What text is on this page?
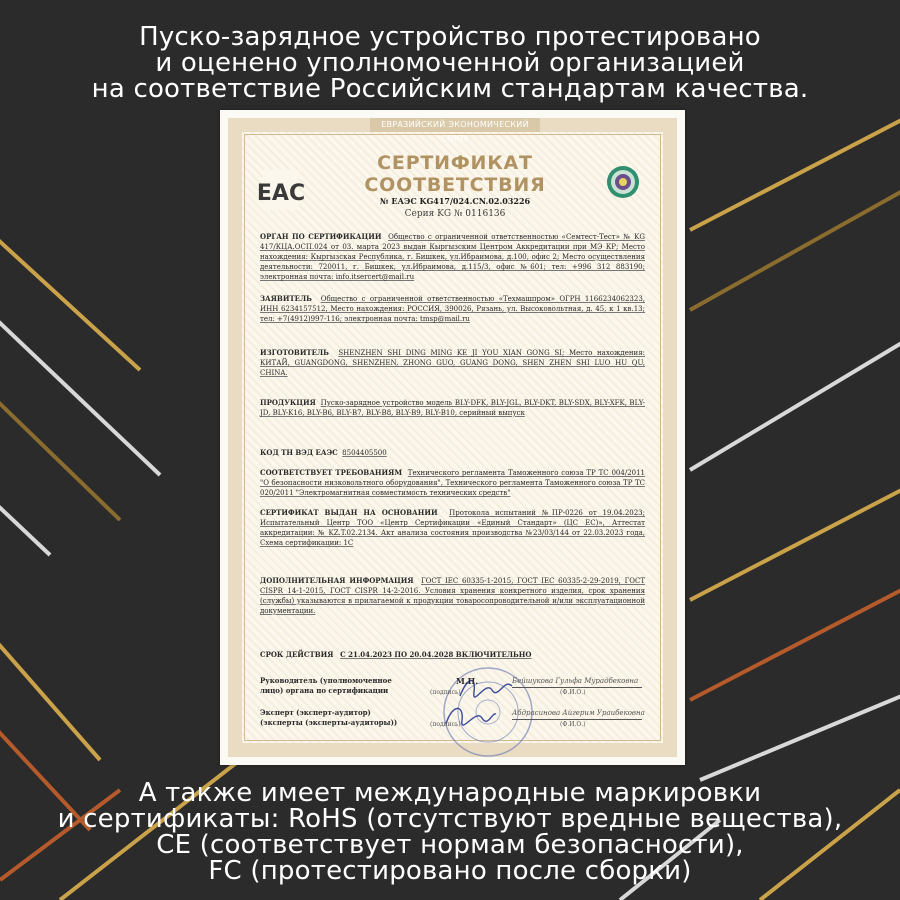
Пуско-зарядное устройство протестировано
и оценено уполномоченной организацией
на соответствие Российским стандартам качества.
ЕВРАЗИЙСКИЙ ЭКОНОМИЧЕСКИЙ СОЮЗ
ЕАС
СЕРТИФИКАТ СООТВЕТСТВИЯ
№ ЕАЭС KG417/024.CN.02.03226
Серия KG № 0116136
ОРГАН ПО СЕРТИФИКАЦИИ Общество с ограниченной ответственностью «Семтест-Тест» № KG 417/КЦА.ОСП.024 от 03. марта 2023 выдан Кыргызским Центром Аккредитации при МЭ КР; Место нахождения: Кыргызская Республика, г. Бишкек, ул.Ибраимова, д.100, офис 2; Место осуществления деятельности: 720011, г. Бишкек, ул.Ибраимова, д.115/3, офис №601; тел: +996 312 883190; электронная почта: info.itsercert@mail.ru
ЗАЯВИТЕЛЬ Общество с ограниченной ответственностью «Техмашпром» ОГРН 1166234062323, ИНН 6234157512, Место нахождения: РОССИЯ, 390026, Рязань, ул. Высоковольтная, д. 45, к 1 кв.13; тел: +7(4912)997-116; электронная почта: tmsp@mail.ru
ИЗГОТОВИТЕЛЬ SHENZHEN SHI DING MING KE JI YOU XIAN GONG SI; Место нахождения: КИТАЙ, GUANGDONG, SHENZHEN, ZHONG GUO, GUANG DONG, SHEN ZHEN SHI LUO HU QU, CHINA.
ПРОДУКЦИЯ Пуско-зарядное устройство модель BLY-DFK, BLY-JGL, BLY-DKT, BLY-SDX, BLY-XFK, BLY-JD, BLY-K16, BLY-B6, BLY-B7, BLY-B8, BLY-B9, BLY-B10, серийный выпуск
КОД ТН ВЭД ЕАЭС 8504405500
СООТВЕТСТВУЕТ ТРЕБОВАНИЯМ Технического регламента Таможенного союза ТР ТС 004/2011 "О безопасности низковольтного оборудования", Технического регламента Таможенного союза ТР ТС 020/2011 "Электромагнитная совместимость технических средств"
СЕРТИФИКАТ ВЫДАН НА ОСНОВАНИИ Протокола испытаний №ПР-0226 от 19.04.2023; Испытательный Центр ТОО «Центр Сертификации «Единый Стандарт» (ЦС ЕС)», Аттестат аккредитации: № KZ.T.02.2134. Акт анализа состояния производства №23/03/144 от 22.03.2023 года, Схема сертификации: 1С
ДОПОЛНИТЕЛЬНАЯ ИНФОРМАЦИЯ ГОСТ IEC 60335-1-2015, ГОСТ IEC 60335-2-29-2019, ГОСТ CISPR 14-1-2015, ГОСТ CISPR 14-2-2016. Условия хранения конкретного изделия, срок хранения (службы) указываются в прилагаемой к продукции товаросопроводительной и/или эксплуатационной документации.
СРОК ДЕЙСТВИЯ С 21.04.2023 ПО 20.04.2028 ВКЛЮЧИТЕЛЬНО
Руководитель (уполномоченное лицо) органа по сертификации
М.П.	Бейшукова Гульфа Мурадбековна
(Ф.И.О.)
(подпись)
Эксперт (эксперт-аудитор) (эксперты (эксперты-аудиторы))
Абдрасинова Айгерим Ураибековна
(Ф.И.О.)
(подпись)
А также имеет международные маркировки
и сертификаты: RoHS (отсутствуют вредные вещества),
CE (соответствует нормам безопасности),
FC (протестировано после сборки)
